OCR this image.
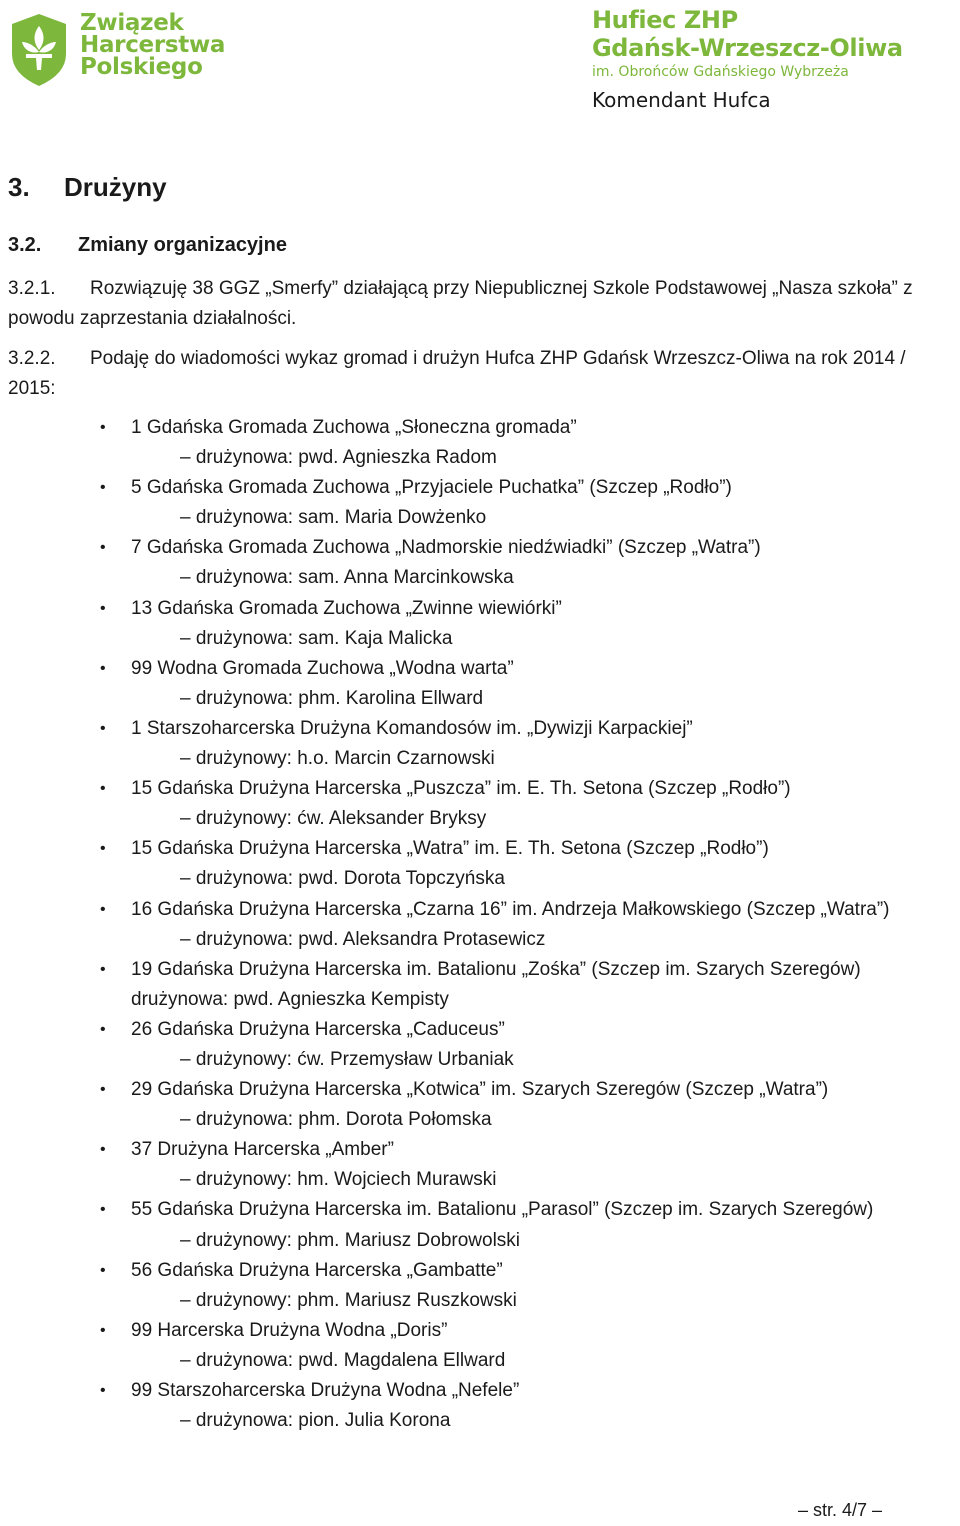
Związek
Harcerstwa
Polskiego
Hufiec ZHP
Gdańsk-Wrzeszcz-Oliwa
im. Obrońców Gdańskiego Wybrzeża
Komendant Hufca
3. Drużyny
3.2. Zmiany organizacyjne
3.2.1.	Rozwiązuję 38 GGZ „Smerfy” działającą przy Niepublicznej Szkole Podstawowej „Nasza szkoła” z powodu zaprzestania działalności.
3.2.2.	Podaję do wiadomości wykaz gromad i drużyn Hufca ZHP Gdańsk Wrzeszcz-Oliwa na rok 2014 / 2015:
• 1 Gdańska Gromada Zuchowa „Słoneczna gromada”
– drużynowa: pwd. Agnieszka Radom
• 5 Gdańska Gromada Zuchowa „Przyjaciele Puchatka” (Szczep „Rodło”)
– drużynowa: sam. Maria Dowżenko
• 7 Gdańska Gromada Zuchowa „Nadmorskie niedźwiadki” (Szczep „Watra”)
– drużynowa: sam. Anna Marcinkowska
• 13 Gdańska Gromada Zuchowa „Zwinne wiewiórki”
– drużynowa: sam. Kaja Malicka
• 99 Wodna Gromada Zuchowa „Wodna warta”
– drużynowa: phm. Karolina Ellward
• 1 Starszoharcerska Drużyna Komandosów im. „Dywizji Karpackiej”
– drużynowy: h.o. Marcin Czarnowski
• 15 Gdańska Drużyna Harcerska „Puszcza” im. E. Th. Setona (Szczep „Rodło”)
– drużynowy: ćw. Aleksander Bryksy
• 15 Gdańska Drużyna Harcerska „Watra” im. E. Th. Setona (Szczep „Rodło”)
– drużynowa: pwd. Dorota Topczyńska
• 16 Gdańska Drużyna Harcerska „Czarna 16” im. Andrzeja Małkowskiego (Szczep „Watra”)
– drużynowa: pwd. Aleksandra Protasewicz
• 19 Gdańska Drużyna Harcerska im. Batalionu „Zośka” (Szczep im. Szarych Szeregów) drużynowa: pwd. Agnieszka Kempisty
• 26 Gdańska Drużyna Harcerska „Caduceus”
– drużynowy: ćw. Przemysław Urbaniak
• 29 Gdańska Drużyna Harcerska „Kotwica” im. Szarych Szeregów (Szczep „Watra”)
– drużynowa: phm. Dorota Połomska
• 37 Drużyna Harcerska „Amber”
– drużynowy: hm. Wojciech Murawski
• 55 Gdańska Drużyna Harcerska im. Batalionu „Parasol” (Szczep im. Szarych Szeregów)
– drużynowy: phm. Mariusz Dobrowolski
• 56 Gdańska Drużyna Harcerska „Gambatte”
– drużynowy: phm. Mariusz Ruszkowski
• 99 Harcerska Drużyna Wodna „Doris”
– drużynowa: pwd. Magdalena Ellward
• 99 Starszoharcerska Drużyna Wodna „Nefele”
– drużynowa: pion. Julia Korona
– str. 4/7 –
